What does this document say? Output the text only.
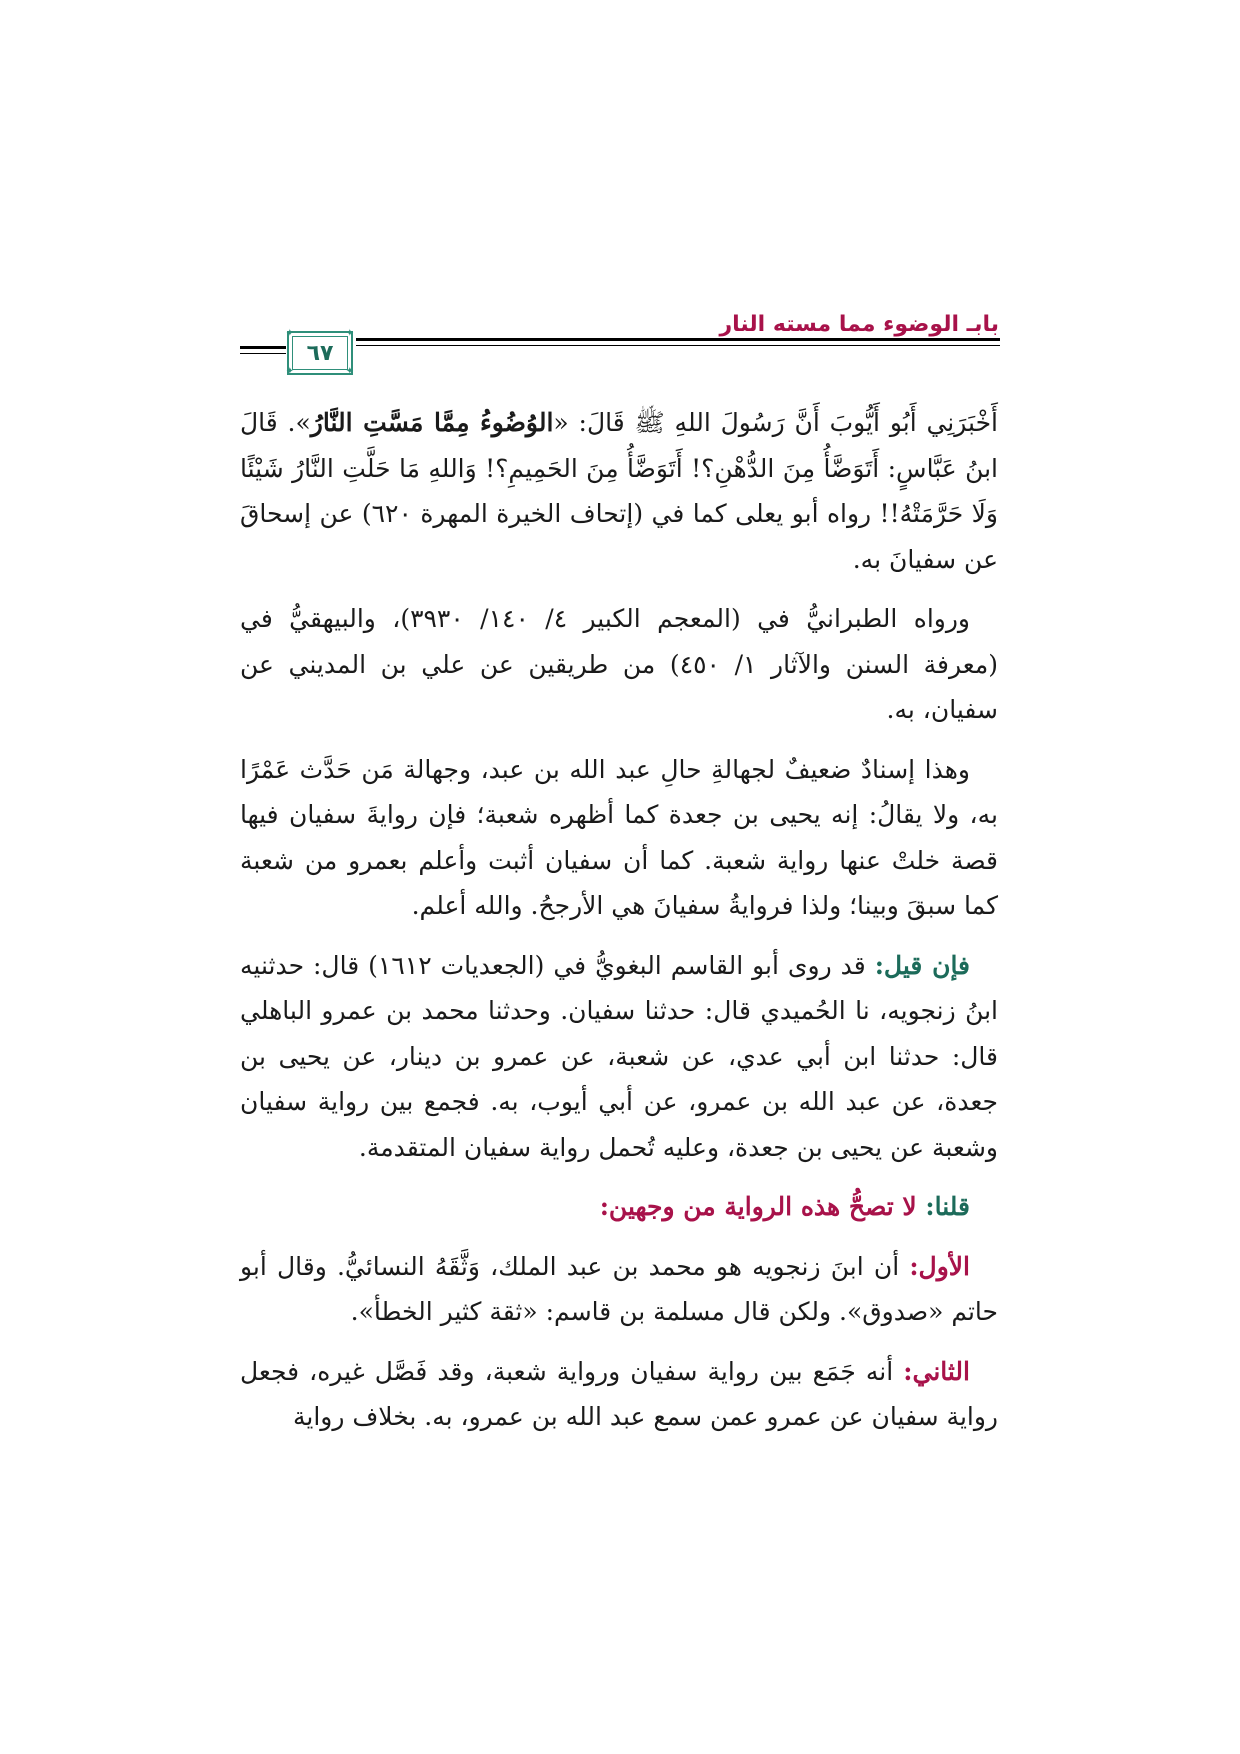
بابـ الوضوء مما مسته النار
✦	✦
✦	✦
٦٧

أَخْبَرَنِي أَبُو أَيُّوبَ أَنَّ رَسُولَ اللهِ ﷺ قَالَ: «الوُضُوءُ مِمَّا مَسَّتِ النَّارُ». قَالَ ابنُ عَبَّاسٍ: أَتَوَضَّأُ مِنَ الدُّهْنِ؟! أَتَوَضَّأُ مِنَ الحَمِيمِ؟! وَاللهِ مَا حَلَّتِ النَّارُ شَيْئًا وَلَا حَرَّمَتْهُ!! رواه أبو يعلى كما في (إتحاف الخيرة المهرة ٦٢٠) عن إسحاقَ عن سفيانَ به.

ورواه الطبرانيُّ في (المعجم الكبير ٤/ ١٤٠/ ٣٩٣٠)، والبيهقيُّ في (معرفة السنن والآثار ١/ ٤٥٠) من طريقين عن علي بن المديني عن سفيان، به.

وهذا إسنادٌ ضعيفٌ لجهالةِ حالِ عبد الله بن عبد، وجهالة مَن حَدَّث عَمْرًا به، ولا يقالُ: إنه يحيى بن جعدة كما أظهره شعبة؛ فإن روايةَ سفيان فيها قصة خلتْ عنها رواية شعبة. كما أن سفيان أثبت وأعلم بعمرو من شعبة كما سبقَ وبينا؛ ولذا فروايةُ سفيانَ هي الأرجحُ. والله أعلم.

فإن قيل: قد روى أبو القاسم البغويُّ في (الجعديات ١٦١٢) قال: حدثنيه ابنُ زنجويه، نا الحُميدي قال: حدثنا سفيان. وحدثنا محمد بن عمرو الباهلي قال: حدثنا ابن أبي عدي، عن شعبة، عن عمرو بن دينار، عن يحيى بن جعدة، عن عبد الله بن عمرو، عن أبي أيوب، به. فجمع بين رواية سفيان وشعبة عن يحيى بن جعدة، وعليه تُحمل رواية سفيان المتقدمة.

قلنا: لا تصحُّ هذه الرواية من وجهين:

الأول: أن ابنَ زنجويه هو محمد بن عبد الملك، وَثَّقَهُ النسائيُّ. وقال أبو حاتم «صدوق». ولكن قال مسلمة بن قاسم: «ثقة كثير الخطأ».

الثاني: أنه جَمَع بين رواية سفيان ورواية شعبة، وقد فَصَّل غيره، فجعل رواية سفيان عن عمرو عمن سمع عبد الله بن عمرو، به. بخلاف رواية
